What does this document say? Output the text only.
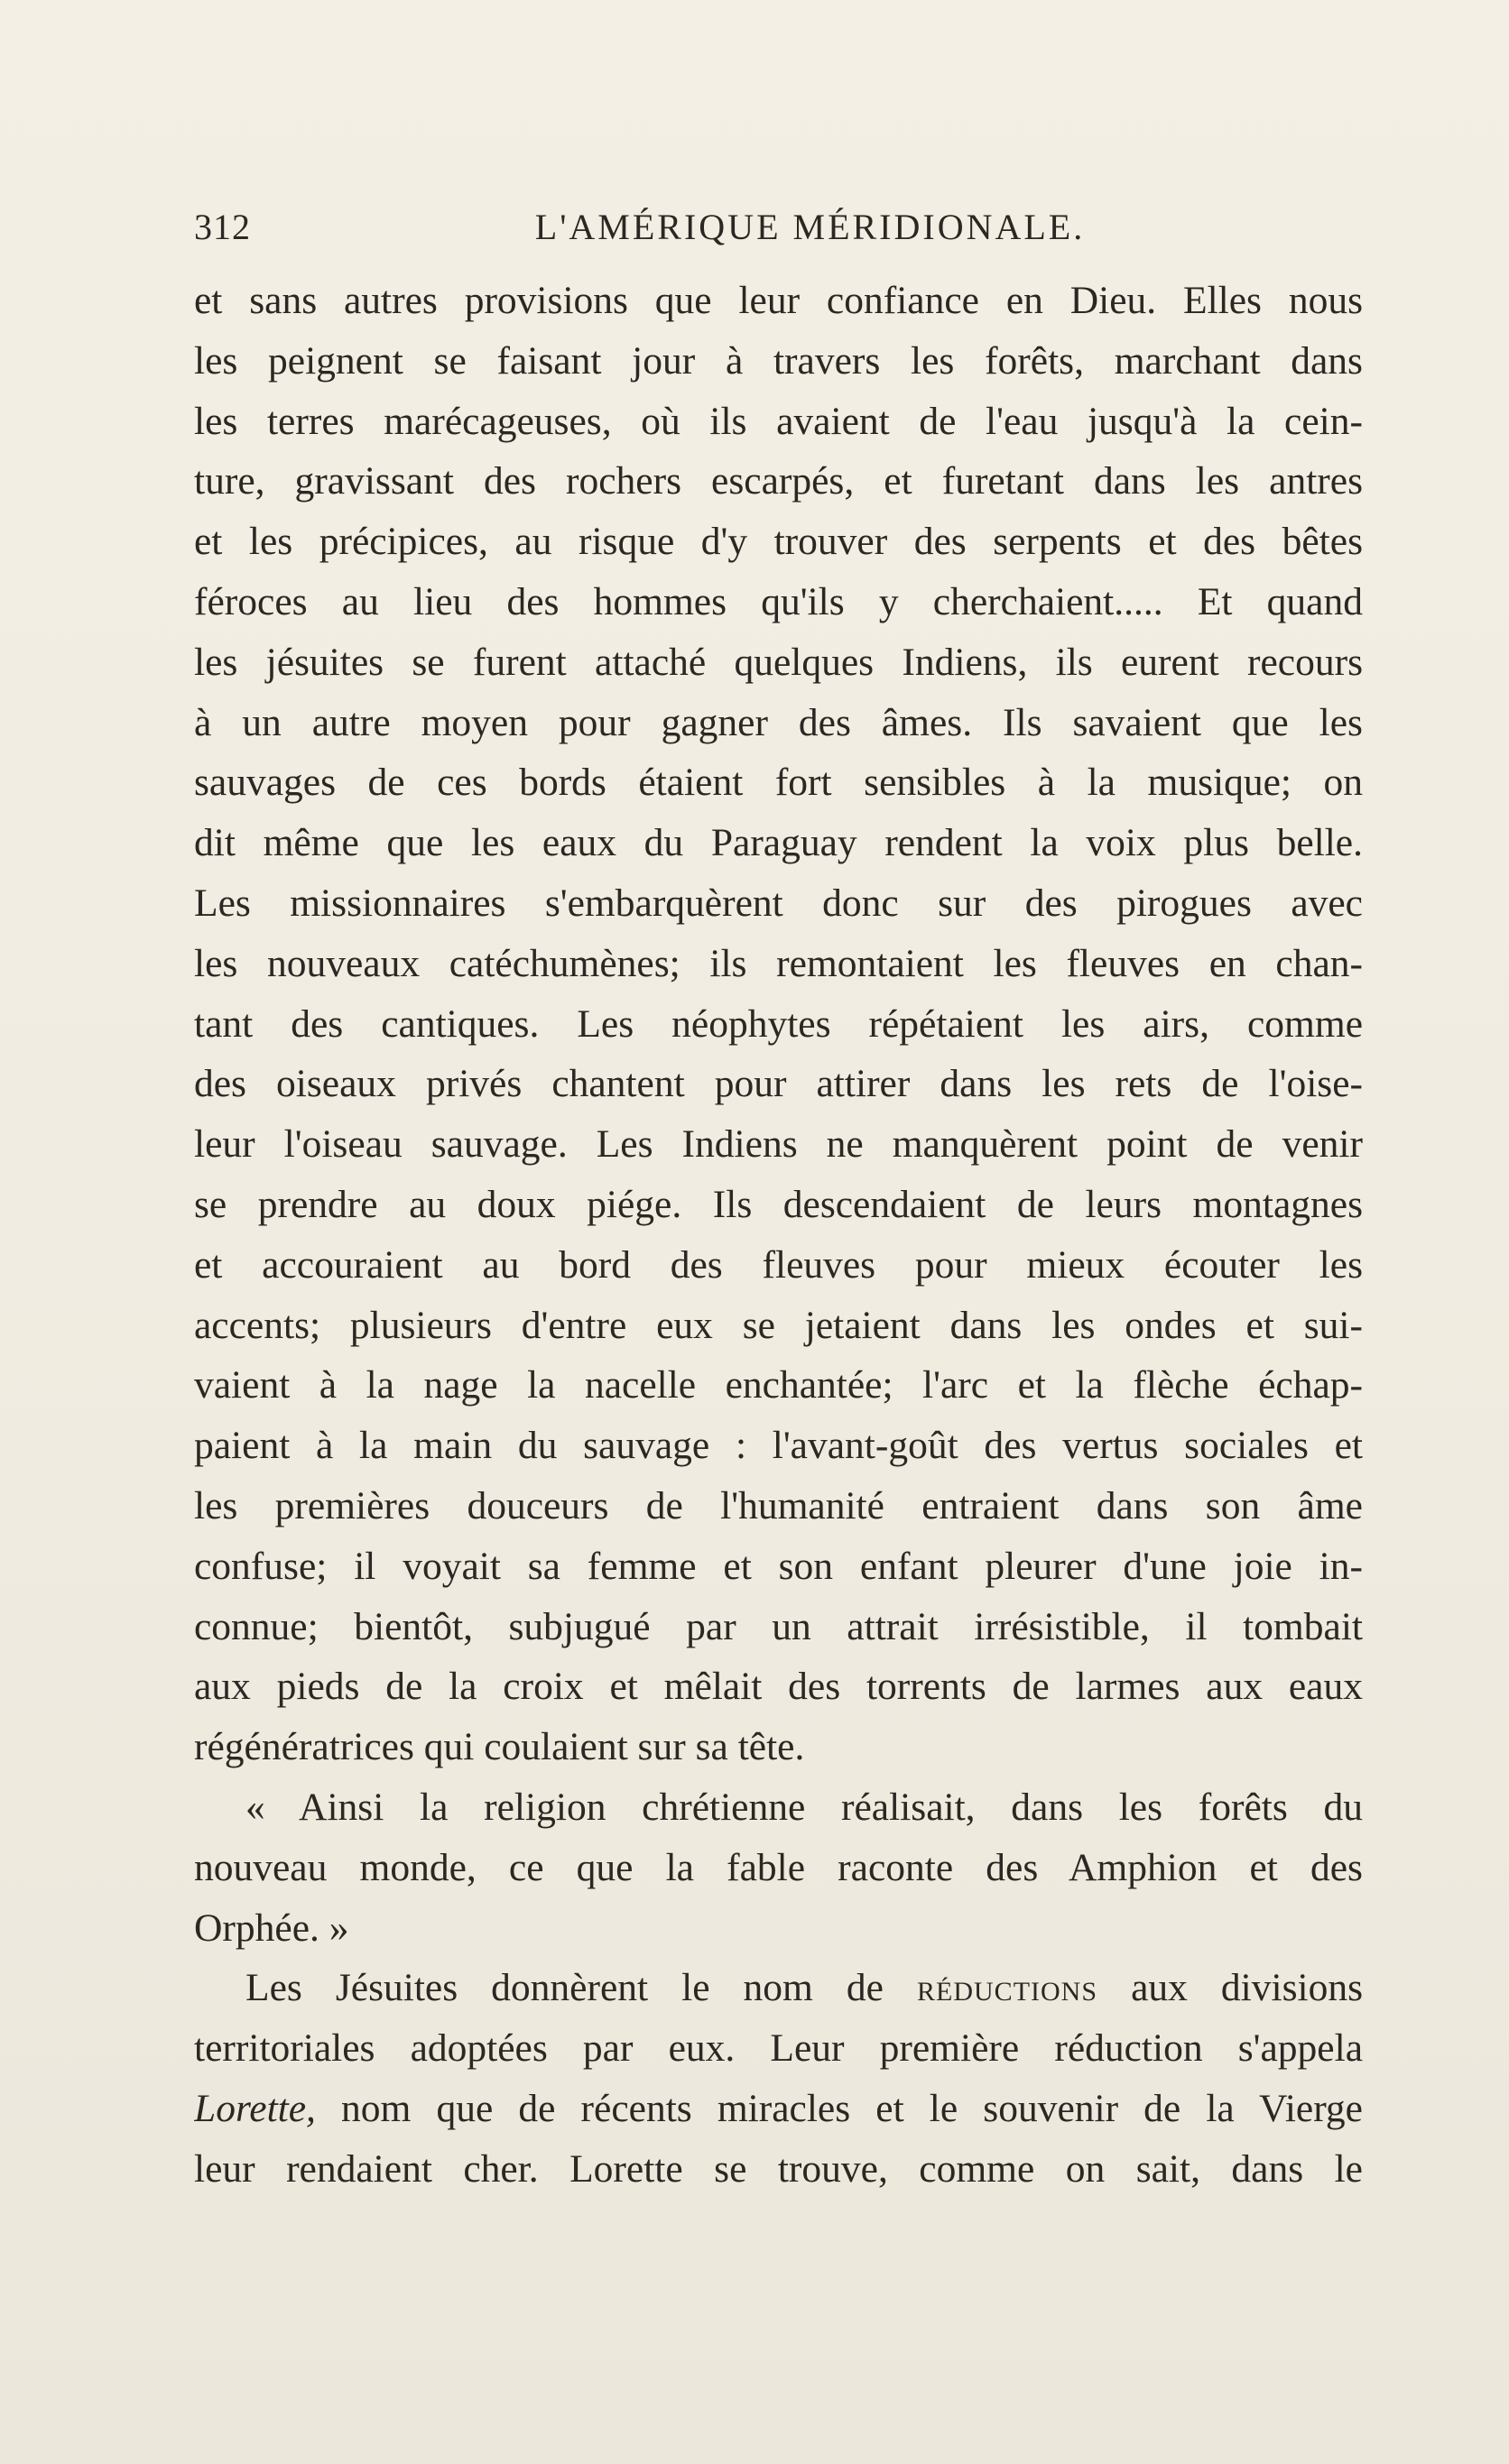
312	L'AMÉRIQUE MÉRIDIONALE.
et sans autres provisions que leur confiance en Dieu. Elles nous
les peignent se faisant jour à travers les forêts, marchant dans
les terres marécageuses, où ils avaient de l'eau jusqu'à la cein-
ture, gravissant des rochers escarpés, et furetant dans les antres
et les précipices, au risque d'y trouver des serpents et des bêtes
féroces au lieu des hommes qu'ils y cherchaient..... Et quand
les jésuites se furent attaché quelques Indiens, ils eurent recours
à un autre moyen pour gagner des âmes. Ils savaient que les
sauvages de ces bords étaient fort sensibles à la musique; on
dit même que les eaux du Paraguay rendent la voix plus belle.
Les missionnaires s'embarquèrent donc sur des pirogues avec
les nouveaux catéchumènes; ils remontaient les fleuves en chan-
tant des cantiques. Les néophytes répétaient les airs, comme
des oiseaux privés chantent pour attirer dans les rets de l'oise-
leur l'oiseau sauvage. Les Indiens ne manquèrent point de venir
se prendre au doux piége. Ils descendaient de leurs montagnes
et accouraient au bord des fleuves pour mieux écouter les
accents; plusieurs d'entre eux se jetaient dans les ondes et sui-
vaient à la nage la nacelle enchantée; l'arc et la flèche échap-
paient à la main du sauvage : l'avant-goût des vertus sociales et
les premières douceurs de l'humanité entraient dans son âme
confuse; il voyait sa femme et son enfant pleurer d'une joie in-
connue; bientôt, subjugué par un attrait irrésistible, il tombait
aux pieds de la croix et mêlait des torrents de larmes aux eaux
régénératrices qui coulaient sur sa tête.
« Ainsi la religion chrétienne réalisait, dans les forêts du
nouveau monde, ce que la fable raconte des Amphion et des
Orphée. »
Les Jésuites donnèrent le nom de réductions aux divisions
territoriales adoptées par eux. Leur première réduction s'appela
Lorette, nom que de récents miracles et le souvenir de la Vierge
leur rendaient cher. Lorette se trouve, comme on sait, dans le
